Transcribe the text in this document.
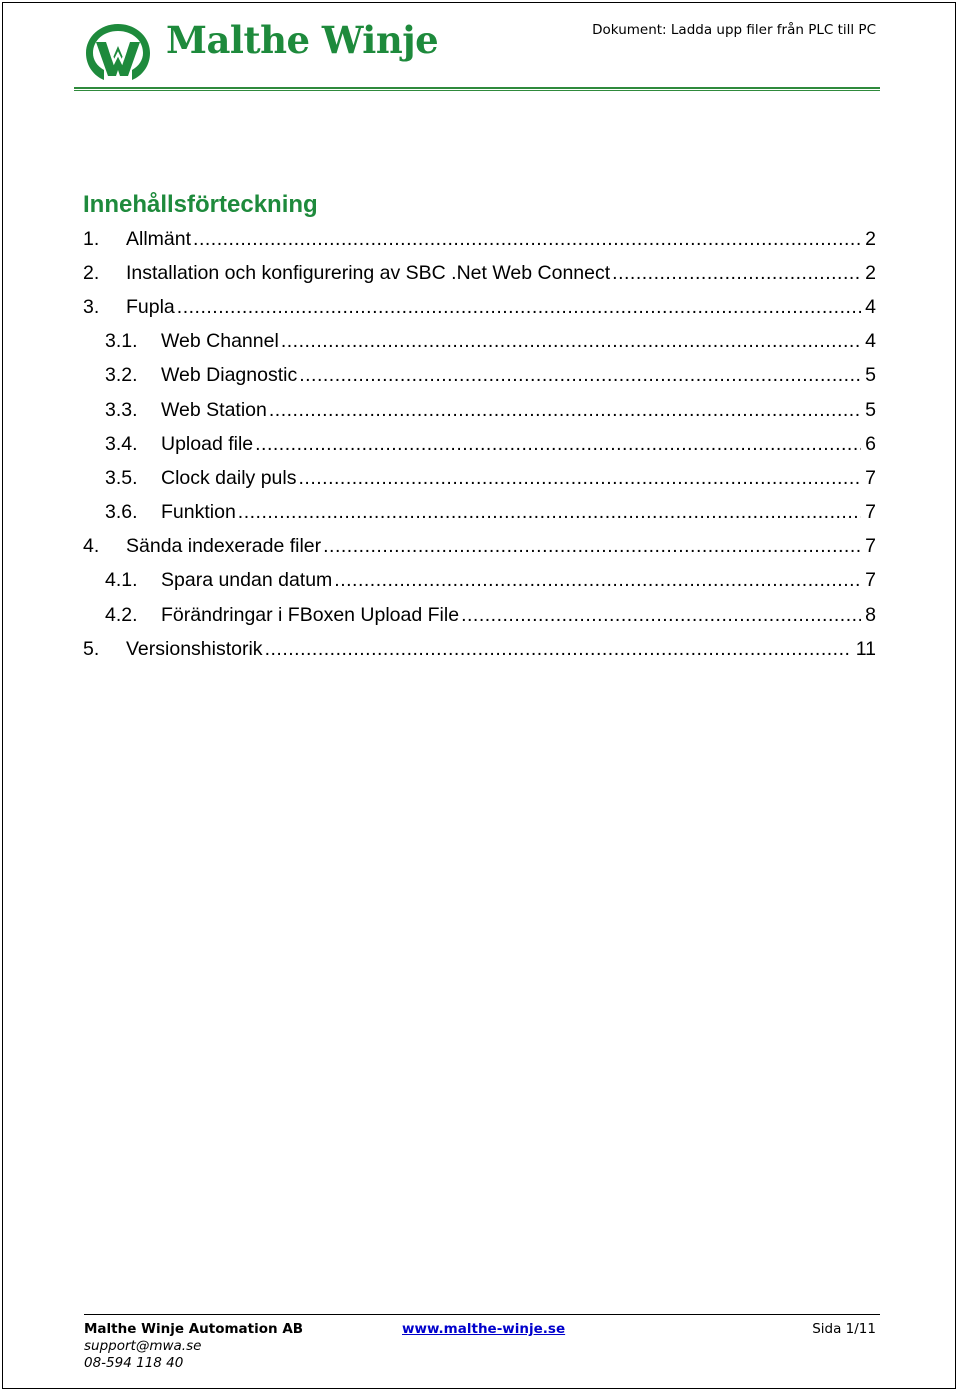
Malthe Winje	Dokument: Ladda upp filer från PLC till PC
Innehållsförteckning
1.	Allmänt .....	2
2.	Installation och konfigurering av SBC .Net Web Connect .....	2
3.	Fupla .....	4
3.1.	Web Channel .....	4
3.2.	Web Diagnostic .....	5
3.3.	Web Station .....	5
3.4.	Upload file .....	6
3.5.	Clock daily puls .....	7
3.6.	Funktion .....	7
4.	Sända indexerade filer .....	7
4.1.	Spara undan datum .....	7
4.2.	Förändringar i FBoxen Upload File .....	8
5.	Versionshistorik .....	11
Malthe Winje Automation AB	www.malthe-winje.se	Sida 1/11
support@mwa.se
08-594 118 40
